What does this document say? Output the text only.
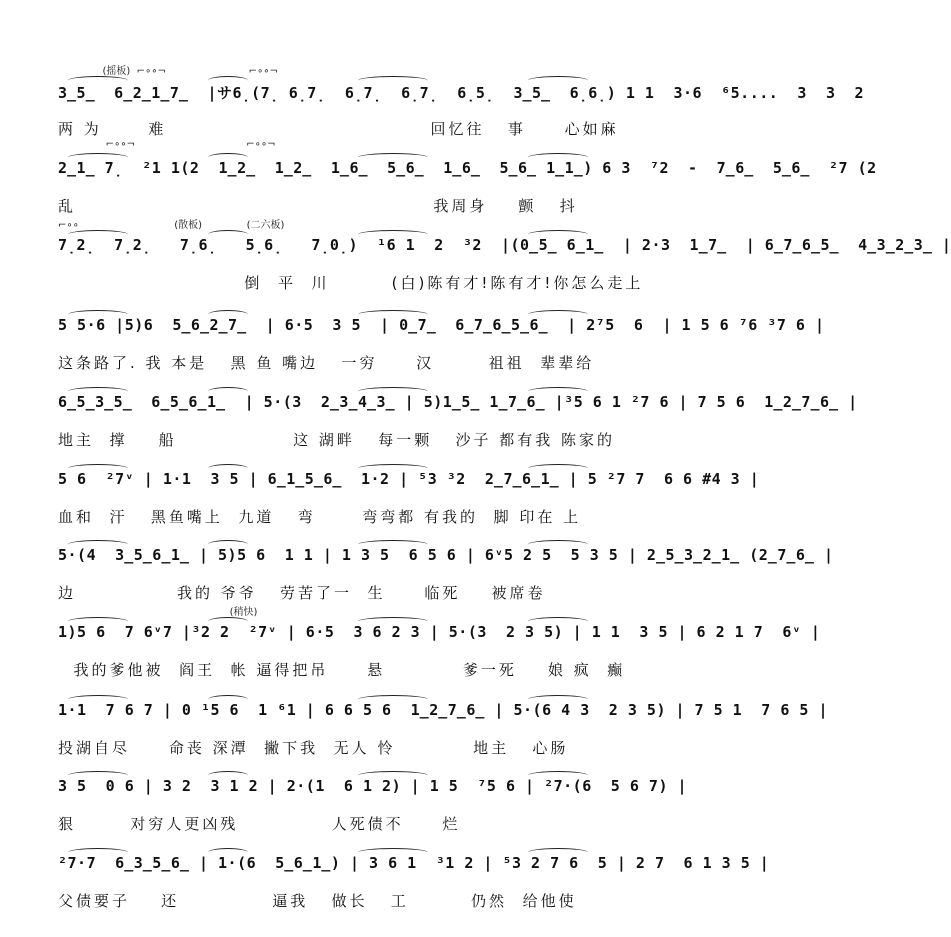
(摇板)  ⌐∘∘¬                          ⌐∘∘¬
3̲5̲  6̲2̲1̲7̲  |サ6̣(7̣ 6̣7̣  6̣7̣  6̣7̣  6̣5̣  3̲5̲  6̣6̣) 1 1  3·6  ⁶5....  3  3  2
两 为      难                                  回忆往   事     心如麻
⌐∘∘¬                                   ⌐∘∘¬
2̲1̲ 7̣  ²1 1(2  1̲2̲  1̲2̲  1̲6̲  5̲6̲  1̲6̲  5̲6̲ 1̲1̲) 6 3  ⁷2  -  7̲6̲  5̲6̲  ²7 (2
乱                                              我周身    颤   抖
⌐∘∘                              (散板)              (二六板)
7̣2̣  7̣2̣   7̣6̣   5̣6̣   7̣0̣)  ¹6 1  2  ³2  |(0̲5̲ 6̲1̲  | 2·3  1̲7̲  | 6̲7̲6̲5̲  4̲3̲2̲3̲ |
倒  平  川        (白)陈有才!陈有才!你怎么走上
5 5·6 |5)6  5̲6̲2̲7̲  | 6·5  3 5  | 0̲7̲  6̲7̲6̲5̲6̲  | 2⁷5  6  | 1 5 6 ⁷6 ³7 6 |
这条路了. 我 本是   黑 鱼 嘴边   一穷     汉       祖祖  辈辈给
6̲5̲3̲5̲  6̲5̲6̲1̲  | 5·(3  2̲3̲4̲3̲ | 5)1̲5̲ 1̲7̲6̲ |³5 6 1 ²7 6 | 7 5 6  1̲2̲7̲6̲ |
地主  撑    船               这 湖畔   每一颗   沙子 都有我 陈家的
5 6  ²7ᵛ | 1·1  3 5 | 6̲1̲5̲6̲  1·2 | ⁵3 ³2  2̲7̲6̲1̲ | 5 ²7 7  6 6 #4 3 |
血和  汗   黑鱼嘴上  九道   弯      弯弯都 有我的  脚 印在 上
5·(4  3̲5̲6̲1̲ | 5)5 6  1 1 | 1 3 5  6 5 6 | 6ᵛ5 2 5  5 3 5 | 2̲5̲3̲2̲1̲ (2̲7̲6̲ |
边             我的 爷爷   劳苦了一  生     临死    被席卷
(稍快)
1)5 6  7 6ᵛ7 |³2 2  ²7ᵛ | 6·5  3 6 2 3 | 5·(3  2 3 5) | 1 1  3 5 | 6 2 1 7  6ᵛ |
我的爹他被  阎王  帐 逼得把吊     悬          爹一死    娘 疯  癫
1·1  7 6 7 | 0 ¹5 6  1 ⁶1 | 6 6 5 6  1̲2̲7̲6̲ | 5·(6 4 3  2 3 5) | 7 5 1  7 6 5 |
投湖自尽     命丧 深潭  撇下我  无人 怜          地主   心肠
3 5  0 6 | 3 2  3 1 2 | 2·(1  6 1 2) | 1 5  ⁷5 6 | ²7·(6  5 6 7) |
狠       对穷人更凶残            人死债不     烂
²7·7  6̲3̲5̲6̲ | 1·(6  5̲6̲1̲) | 3 6 1  ³1 2 | ⁵3 2 7 6  5 | 2 7  6 1 3 5 |
父债要子    还            逼我   做长   工        仍然  给他使
